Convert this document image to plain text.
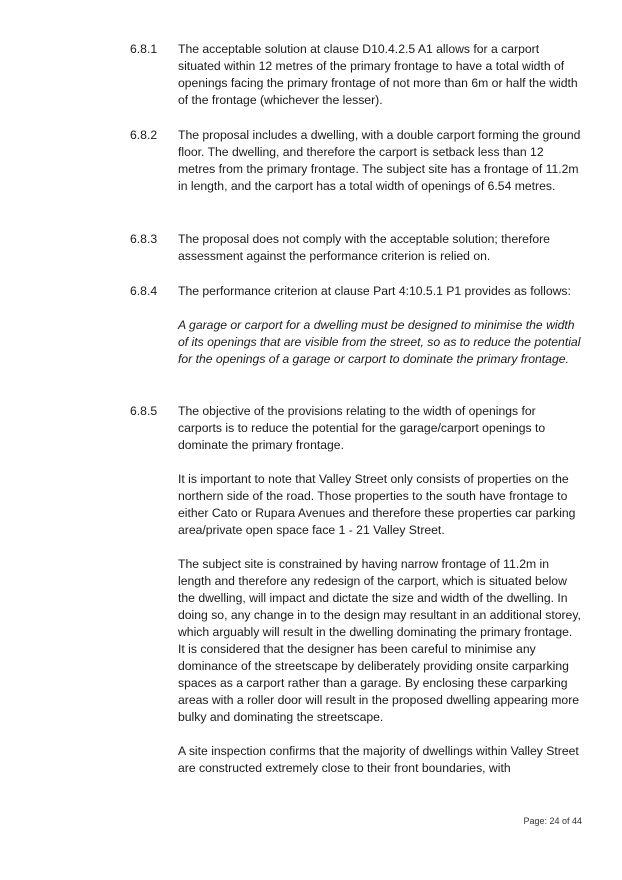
6.8.1 The acceptable solution at clause D10.4.2.5 A1 allows for a carport situated within 12 metres of the primary frontage to have a total width of openings facing the primary frontage of not more than 6m or half the width of the frontage (whichever the lesser).

6.8.2 The proposal includes a dwelling, with a double carport forming the ground floor. The dwelling, and therefore the carport is setback less than 12 metres from the primary frontage. The subject site has a frontage of 11.2m in length, and the carport has a total width of openings of 6.54 metres.

6.8.3 The proposal does not comply with the acceptable solution; therefore assessment against the performance criterion is relied on.

6.8.4 The performance criterion at clause Part 4:10.5.1 P1 provides as follows:

A garage or carport for a dwelling must be designed to minimise the width of its openings that are visible from the street, so as to reduce the potential for the openings of a garage or carport to dominate the primary frontage.

6.8.5 The objective of the provisions relating to the width of openings for carports is to reduce the potential for the garage/carport openings to dominate the primary frontage.

It is important to note that Valley Street only consists of properties on the northern side of the road. Those properties to the south have frontage to either Cato or Rupara Avenues and therefore these properties car parking area/private open space face 1 - 21 Valley Street.

The subject site is constrained by having narrow frontage of 11.2m in length and therefore any redesign of the carport, which is situated below the dwelling, will impact and dictate the size and width of the dwelling. In doing so, any change in to the design may resultant in an additional storey, which arguably will result in the dwelling dominating the primary frontage. It is considered that the designer has been careful to minimise any dominance of the streetscape by deliberately providing onsite carparking spaces as a carport rather than a garage. By enclosing these carparking areas with a roller door will result in the proposed dwelling appearing more bulky and dominating the streetscape.

A site inspection confirms that the majority of dwellings within Valley Street are constructed extremely close to their front boundaries, with

Page: 24 of 44
